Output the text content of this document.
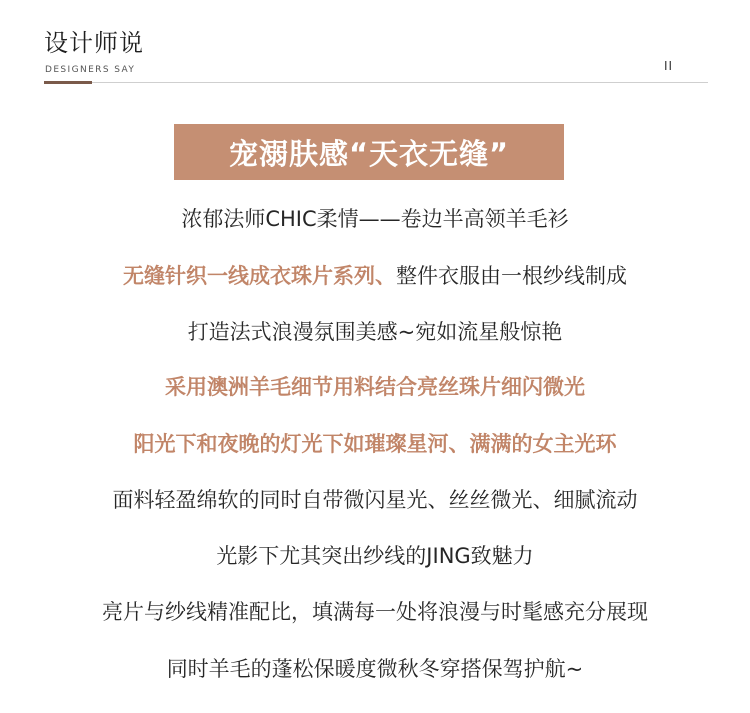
设计师说
DESIGNERS SAY	II
宠溺肤感“天衣无缝”
浓郁法师CHIC柔情——卷边半高领羊毛衫
无缝针织一线成衣珠片系列、整件衣服由一根纱线制成
打造法式浪漫氛围美感~宛如流星般惊艳
采用澳洲羊毛细节用料结合亮丝珠片细闪微光
阳光下和夜晚的灯光下如璀璨星河、满满的女主光环
面料轻盈绵软的同时自带微闪星光、丝丝微光、细腻流动
光影下尤其突出纱线的JING致魅力
亮片与纱线精准配比，填满每一处将浪漫与时髦感充分展现
同时羊毛的蓬松保暖度微秋冬穿搭保驾护航~
